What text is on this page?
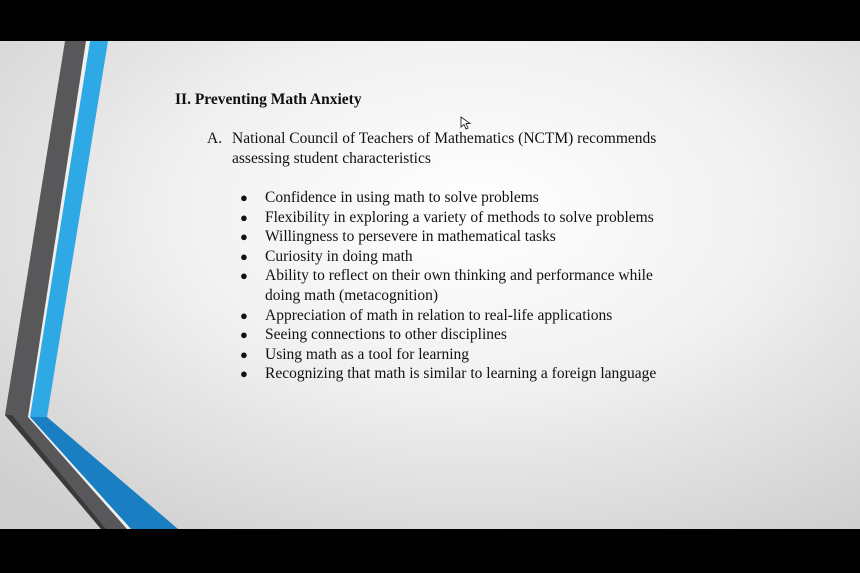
II. Preventing Math Anxiety
A. National Council of Teachers of Mathematics (NCTM) recommends assessing student characteristics
●	Confidence in using math to solve problems
●	Flexibility in exploring a variety of methods to solve problems
●	Willingness to persevere in mathematical tasks
●	Curiosity in doing math
●	Ability to reflect on their own thinking and performance while doing math (metacognition)
●	Appreciation of math in relation to real-life applications
●	Seeing connections to other disciplines
●	Using math as a tool for learning
●	Recognizing that math is similar to learning a foreign language
